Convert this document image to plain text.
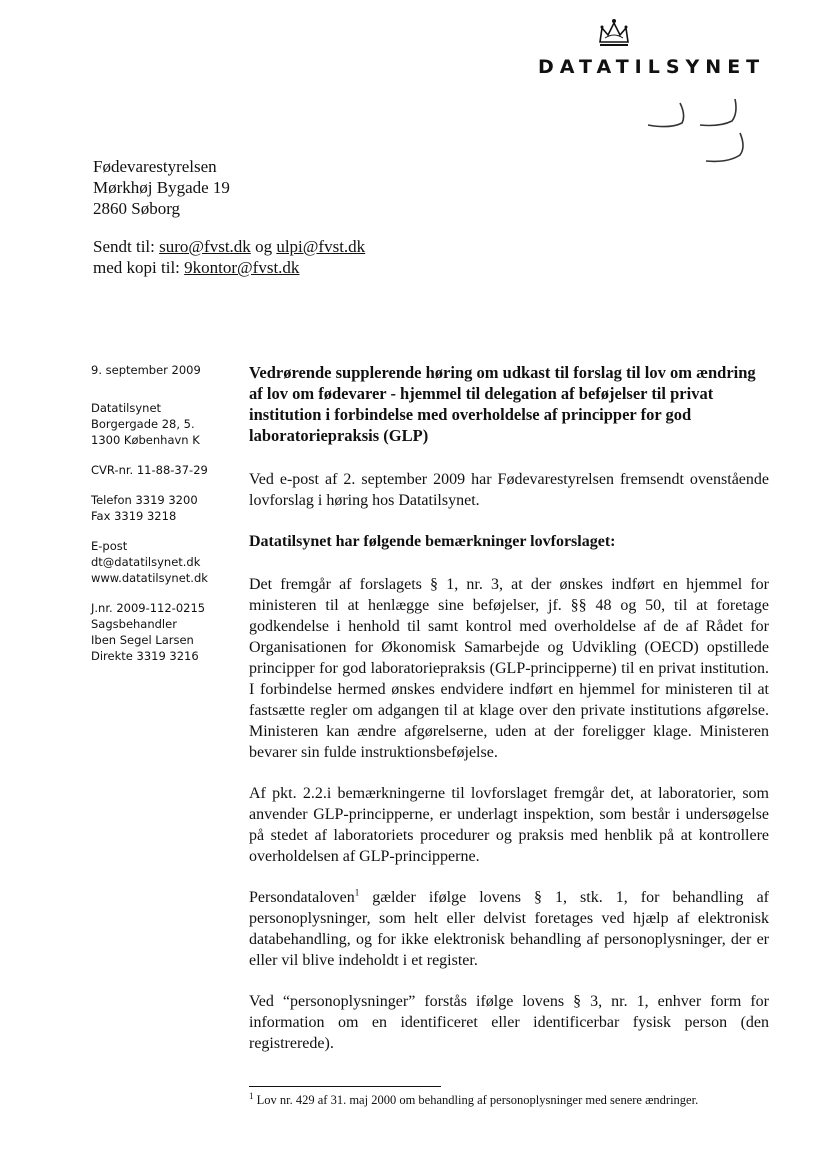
DATATILSYNET
Fødevarestyrelsen
Mørkhøj Bygade 19
2860 Søborg
Sendt til: suro@fvst.dk og ulpi@fvst.dk
med kopi til: 9kontor@fvst.dk
9. september 2009
Datatilsynet
Borgergade 28, 5.
1300 København K
CVR-nr. 11-88-37-29
Telefon 3319 3200
Fax 3319 3218
E-post
dt@datatilsynet.dk
www.datatilsynet.dk
J.nr. 2009-112-0215
Sagsbehandler
Iben Segel Larsen
Direkte 3319 3216

Vedrørende supplerende høring om udkast til forslag til lov om ændring af lov om fødevarer - hjemmel til delegation af beføjelser til privat institution i forbindelse med overholdelse af principper for god laboratoriepraksis (GLP)

Ved e-post af 2. september 2009 har Fødevarestyrelsen fremsendt ovenstående lovforslag i høring hos Datatilsynet.

Datatilsynet har følgende bemærkninger lovforslaget:

Det fremgår af forslagets § 1, nr. 3, at der ønskes indført en hjemmel for ministeren til at henlægge sine beføjelser, jf. §§ 48 og 50, til at foretage godkendelse i henhold til samt kontrol med overholdelse af de af Rådet for Organisationen for Økonomisk Samarbejde og Udvikling (OECD) opstillede principper for god laboratoriepraksis (GLP-principperne) til en privat institution. I forbindelse hermed ønskes endvidere indført en hjemmel for ministeren til at fastsætte regler om adgangen til at klage over den private institutions afgørelse. Ministeren kan ændre afgørelserne, uden at der foreligger klage. Ministeren bevarer sin fulde instruktionsbeføjelse.

Af pkt. 2.2.i bemærkningerne til lovforslaget fremgår det, at laboratorier, som anvender GLP-principperne, er underlagt inspektion, som består i undersøgelse på stedet af laboratoriets procedurer og praksis med henblik på at kontrollere overholdelsen af GLP-principperne.

Persondataloven$^1$ gælder ifølge lovens § 1, stk. 1, for behandling af personoplysninger, som helt eller delvist foretages ved hjælp af elektronisk databehandling, og for ikke elektronisk behandling af personoplysninger, der er eller vil blive indeholdt i et register.

Ved “personoplysninger” forstås ifølge lovens § 3, nr. 1, enhver form for information om en identificeret eller identificerbar fysisk person (den registrerede).

$^1$ Lov nr. 429 af 31. maj 2000 om behandling af personoplysninger med senere ændringer.
